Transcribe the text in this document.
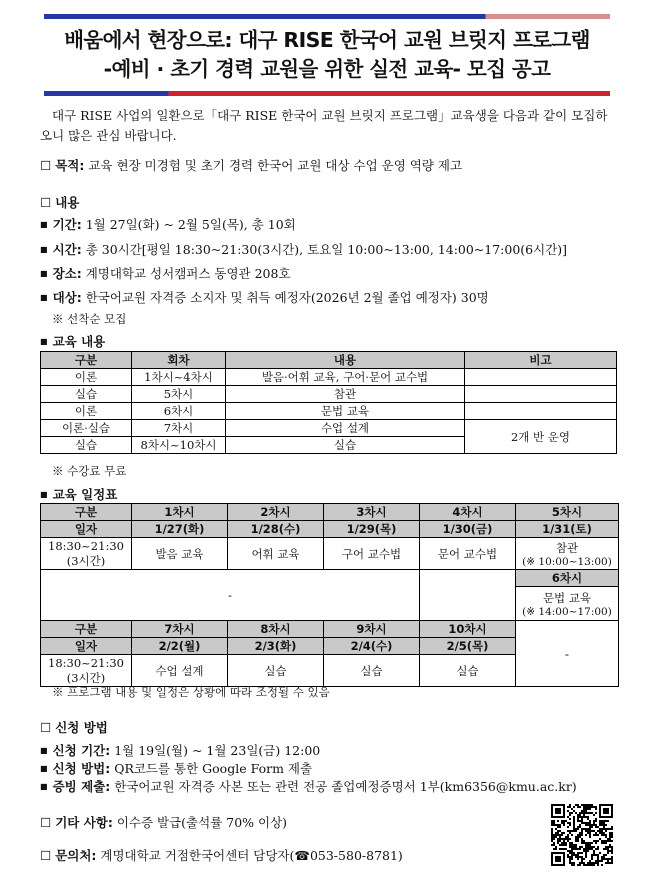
배움에서 현장으로: 대구 RISE 한국어 교원 브릿지 프로그램
-예비 · 초기 경력 교원을 위한 실전 교육- 모집 공고

대구 RISE 사업의 일환으로「대구 RISE 한국어 교원 브릿지 프로그램」교육생을 다음과 같이 모집하오니 많은 관심 바랍니다.

☐ 목적: 교육 현장 미경험 및 초기 경력 한국어 교원 대상 수업 운영 역량 제고
☐ 내용
■ 기간: 1월 27일(화) ~ 2월 5일(목), 총 10회
■ 시간: 총 30시간[평일 18:30~21:30(3시간), 토요일 10:00~13:00, 14:00~17:00(6시간)]
■ 장소: 계명대학교 성서캠퍼스 동영관 208호
■ 대상: 한국어교원 자격증 소지자 및 취득 예정자(2026년 2월 졸업 예정자) 30명
※ 선착순 모집
■ 교육 내용
구분	회차	내용	비고
이론	1차시~4차시	발음·어휘 교육, 구어·문어 교수법	
실습	5차시	참관	
이론	6차시	문법 교육	
이론·실습	7차시	수업 설계	2개 반 운영
실습	8차시~10차시	실습	
※ 수강료 무료
■ 교육 일정표
구분	1차시	2차시	3차시	4차시	5차시
일자	1/27(화)	1/28(수)	1/29(목)	1/30(금)	1/31(토)
18:30~21:30 (3시간)	발음 교육	어휘 교육	구어 교수법	문어 교수법	참관
(※ 10:00~13:00)

-					6차시

					문법 교육
(※ 14:00~17:00)

구분	7차시	8차시	9차시	10차시	-
일자	2/2(월)	2/3(화)	2/4(수)	2/5(목)	
18:30~21:30 (3시간)	수업 설계	실습	실습	실습	
※ 프로그램 내용 및 일정은 상황에 따라 조정될 수 있음
☐ 신청 방법
■ 신청 기간: 1월 19일(월) ~ 1월 23일(금) 12:00
■ 신청 방법: QR코드를 통한 Google Form 제출
■ 증빙 제출: 한국어교원 자격증 사본 또는 관련 전공 졸업예정증명서 1부(km6356@kmu.ac.kr)
☐ 기타 사항: 이수증 발급(출석률 70% 이상)
☐ 문의처: 계명대학교 거점한국어센터 담당자(☎053-580-8781)
